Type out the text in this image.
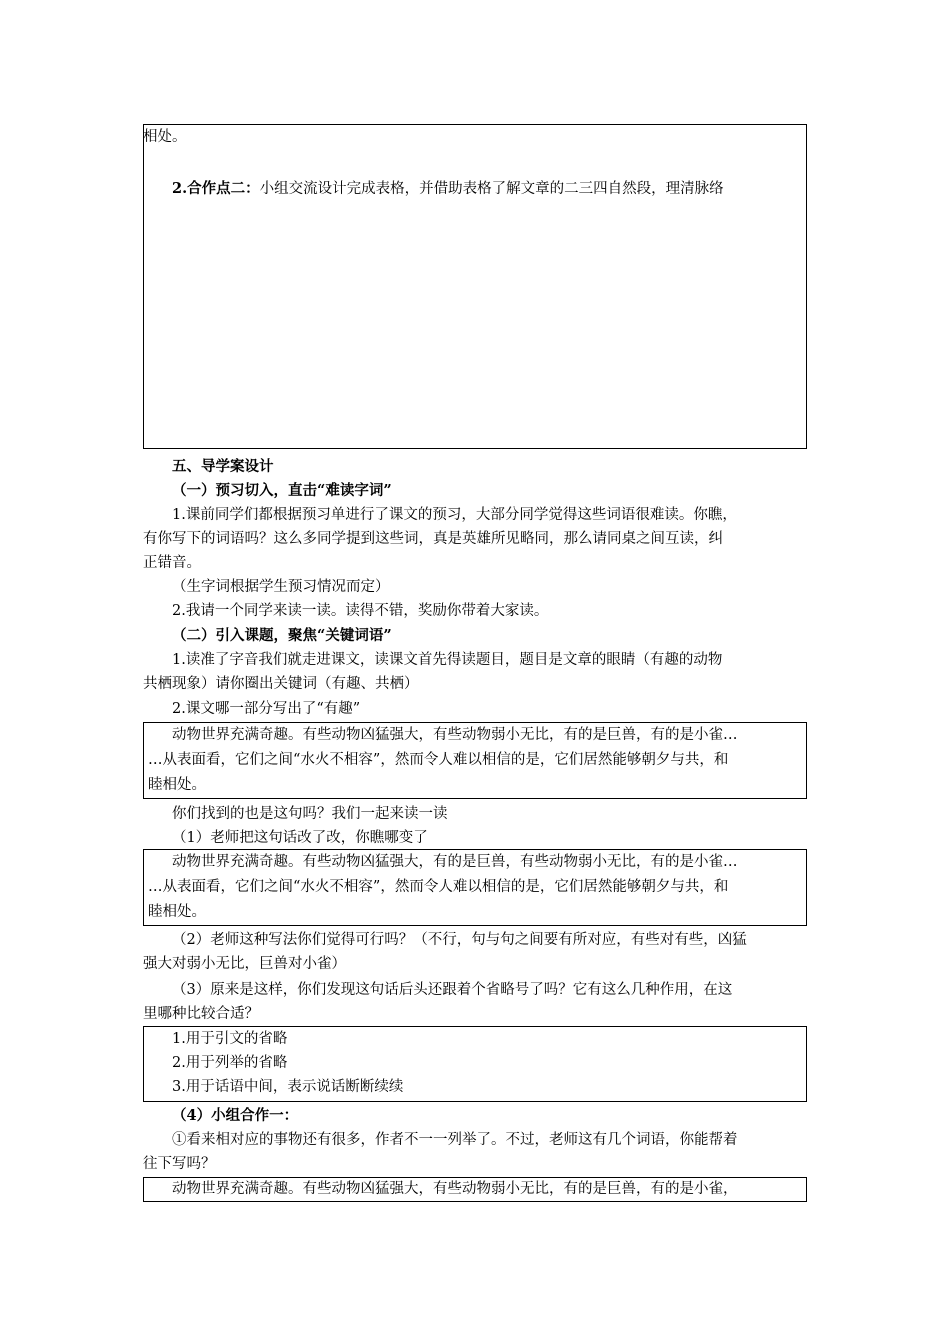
相处。
2.合作点二：小组交流设计完成表格，并借助表格了解文章的二三四自然段，理清脉络
五、导学案设计
（一）预习切入，直击“难读字词”
1.课前同学们都根据预习单进行了课文的预习，大部分同学觉得这些词语很难读。你瞧，
有你写下的词语吗？这么多同学提到这些词，真是英雄所见略同，那么请同桌之间互读，纠
正错音。
（生字词根据学生预习情况而定）
2.我请一个同学来读一读。读得不错，奖励你带着大家读。
（二）引入课题，聚焦“关键词语”
1.读准了字音我们就走进课文，读课文首先得读题目，题目是文章的眼睛（有趣的动物
共栖现象）请你圈出关键词（有趣、共栖）
2.课文哪一部分写出了“有趣”
动物世界充满奇趣。有些动物凶猛强大，有些动物弱小无比，有的是巨兽，有的是小雀…
…从表面看，它们之间“水火不相容”，然而令人难以相信的是，它们居然能够朝夕与共，和
睦相处。
你们找到的也是这句吗？我们一起来读一读
（1）老师把这句话改了改，你瞧哪变了
动物世界充满奇趣。有些动物凶猛强大，有的是巨兽，有些动物弱小无比，有的是小雀…
…从表面看，它们之间“水火不相容”，然而令人难以相信的是，它们居然能够朝夕与共，和
睦相处。
（2）老师这种写法你们觉得可行吗？（不行，句与句之间要有所对应，有些对有些，凶猛
强大对弱小无比，巨兽对小雀）
（3）原来是这样，你们发现这句话后头还跟着个省略号了吗？它有这么几种作用，在这
里哪种比较合适？
1.用于引文的省略
2.用于列举的省略
3.用于话语中间，表示说话断断续续
（4）小组合作一：
①看来相对应的事物还有很多，作者不一一列举了。不过，老师这有几个词语，你能帮着
往下写吗？
动物世界充满奇趣。有些动物凶猛强大，有些动物弱小无比，有的是巨兽，有的是小雀，
